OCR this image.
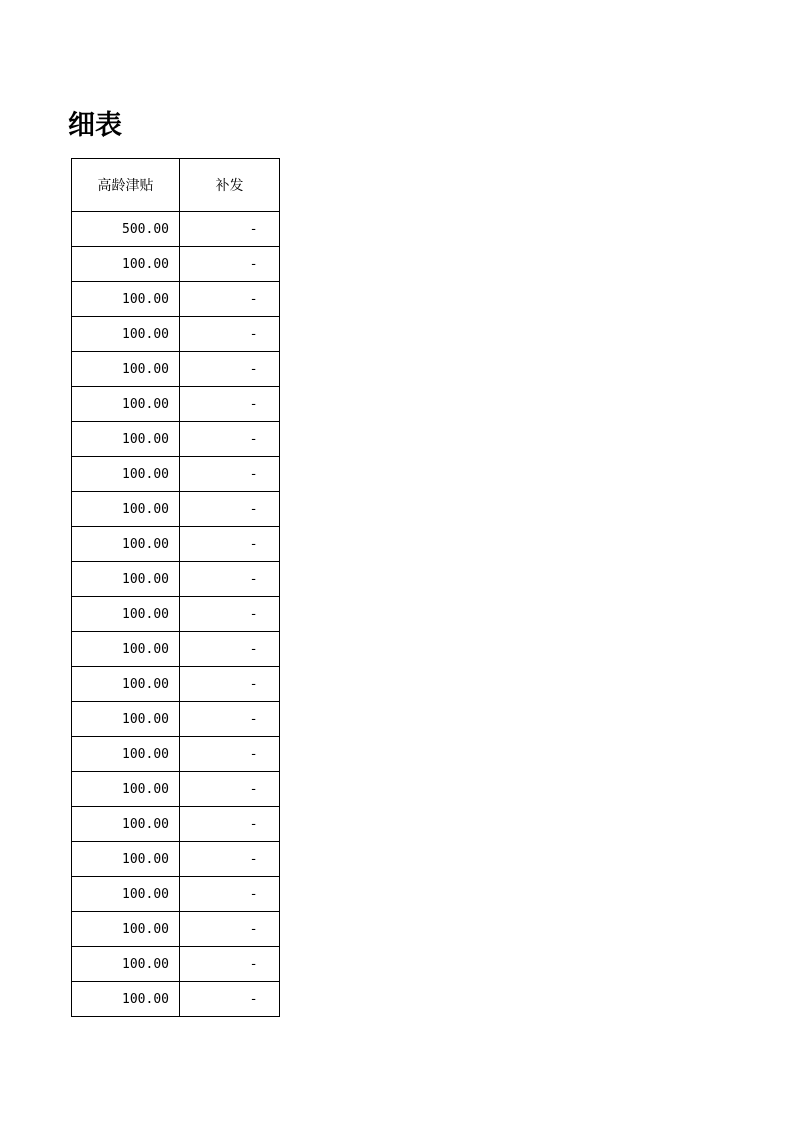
细表
高龄津贴	补发
500.00	-
100.00	-
100.00	-
100.00	-
100.00	-
100.00	-
100.00	-
100.00	-
100.00	-
100.00	-
100.00	-
100.00	-
100.00	-
100.00	-
100.00	-
100.00	-
100.00	-
100.00	-
100.00	-
100.00	-
100.00	-
100.00	-
100.00	-
